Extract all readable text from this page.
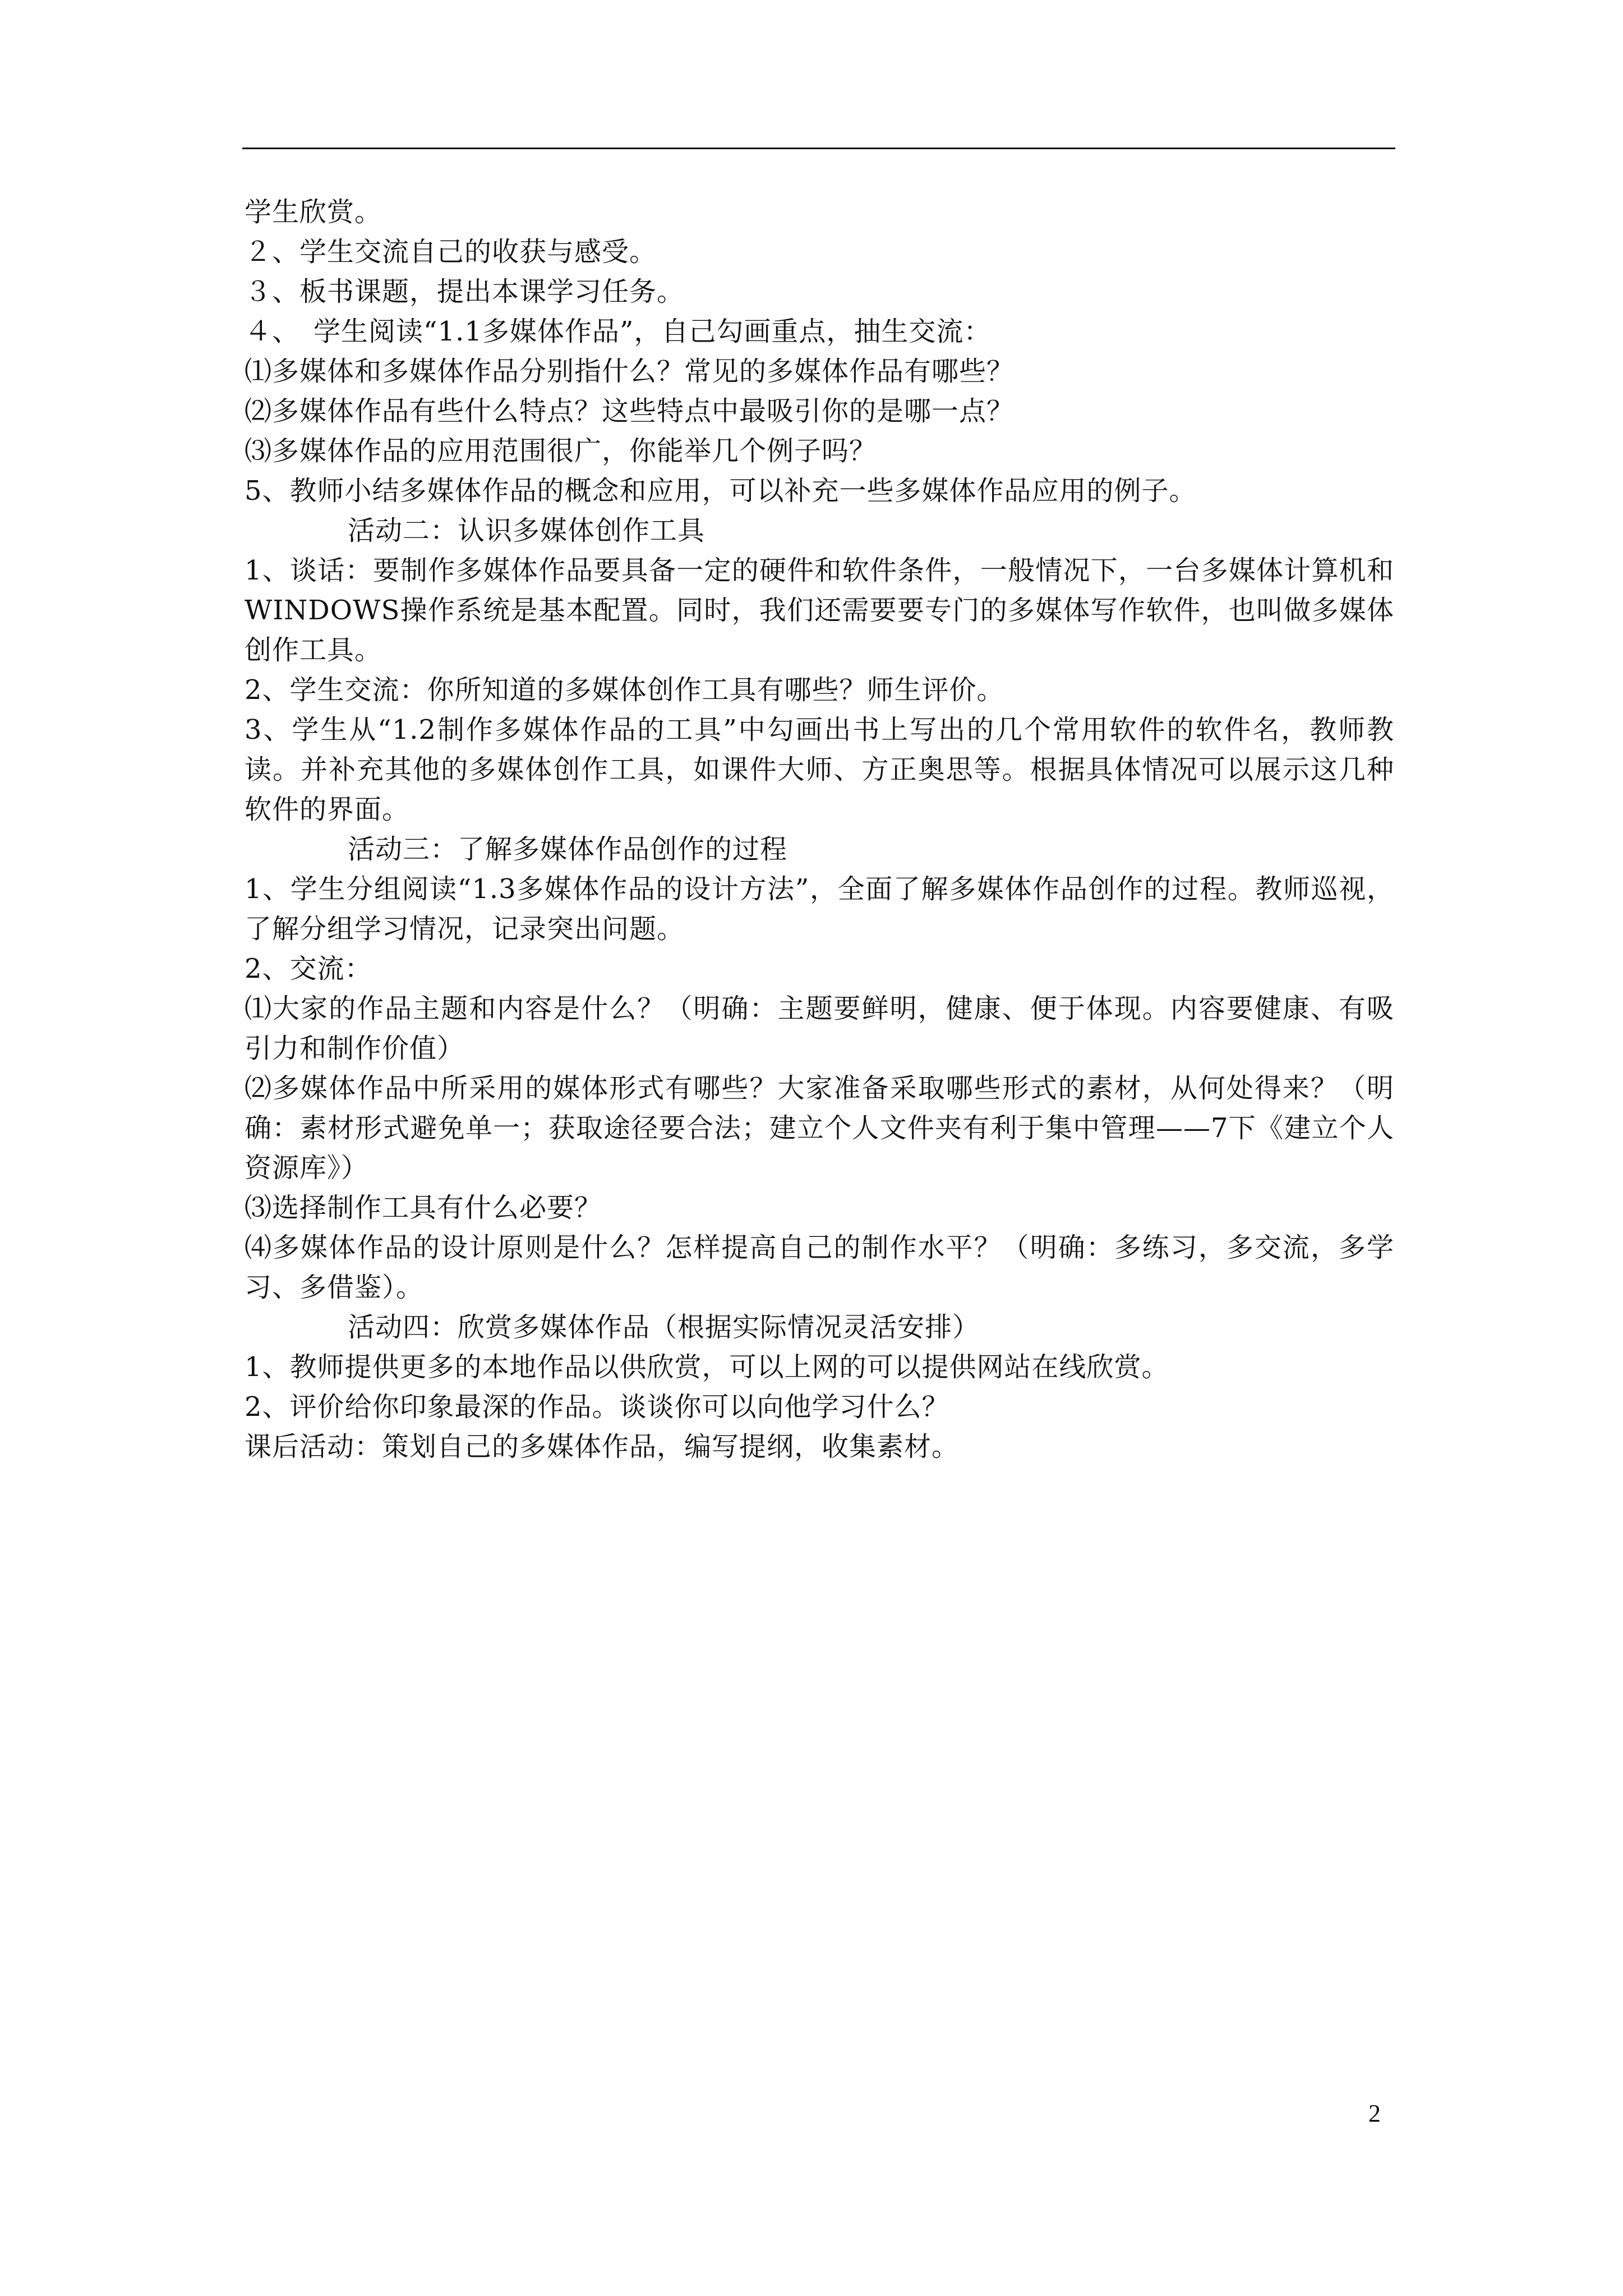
学生欣赏。

２、学生交流自己的收获与感受。

３、板书课题，提出本课学习任务。

４、　学生阅读“1.1多媒体作品”，自己勾画重点，抽生交流：

⑴多媒体和多媒体作品分别指什么？常见的多媒体作品有哪些？

⑵多媒体作品有些什么特点？这些特点中最吸引你的是哪一点？

⑶多媒体作品的应用范围很广，你能举几个例子吗？

5、教师小结多媒体作品的概念和应用，可以补充一些多媒体作品应用的例子。

活动二：认识多媒体创作工具

1、谈话：要制作多媒体作品要具备一定的硬件和软件条件，一般情况下，一台多媒体计算机和WINDOWS操作系统是基本配置。同时，我们还需要要专门的多媒体写作软件，也叫做多媒体创作工具。

2、学生交流：你所知道的多媒体创作工具有哪些？师生评价。

3、学生从“1.2制作多媒体作品的工具”中勾画出书上写出的几个常用软件的软件名，教师教读。并补充其他的多媒体创作工具，如课件大师、方正奥思等。根据具体情况可以展示这几种软件的界面。

活动三：了解多媒体作品创作的过程

1、学生分组阅读“1.3多媒体作品的设计方法”，全面了解多媒体作品创作的过程。教师巡视，了解分组学习情况，记录突出问题。

2、交流：

⑴大家的作品主题和内容是什么？（明确：主题要鲜明，健康、便于体现。内容要健康、有吸引力和制作价值）

⑵多媒体作品中所采用的媒体形式有哪些？大家准备采取哪些形式的素材，从何处得来？（明确：素材形式避免单一；获取途径要合法；建立个人文件夹有利于集中管理——7下《建立个人资源库》）

⑶选择制作工具有什么必要？

⑷多媒体作品的设计原则是什么？怎样提高自己的制作水平？（明确：多练习，多交流，多学习、多借鉴）。

活动四：欣赏多媒体作品（根据实际情况灵活安排）

1、教师提供更多的本地作品以供欣赏，可以上网的可以提供网站在线欣赏。

2、评价给你印象最深的作品。谈谈你可以向他学习什么？

课后活动：策划自己的多媒体作品，编写提纲，收集素材。

2
